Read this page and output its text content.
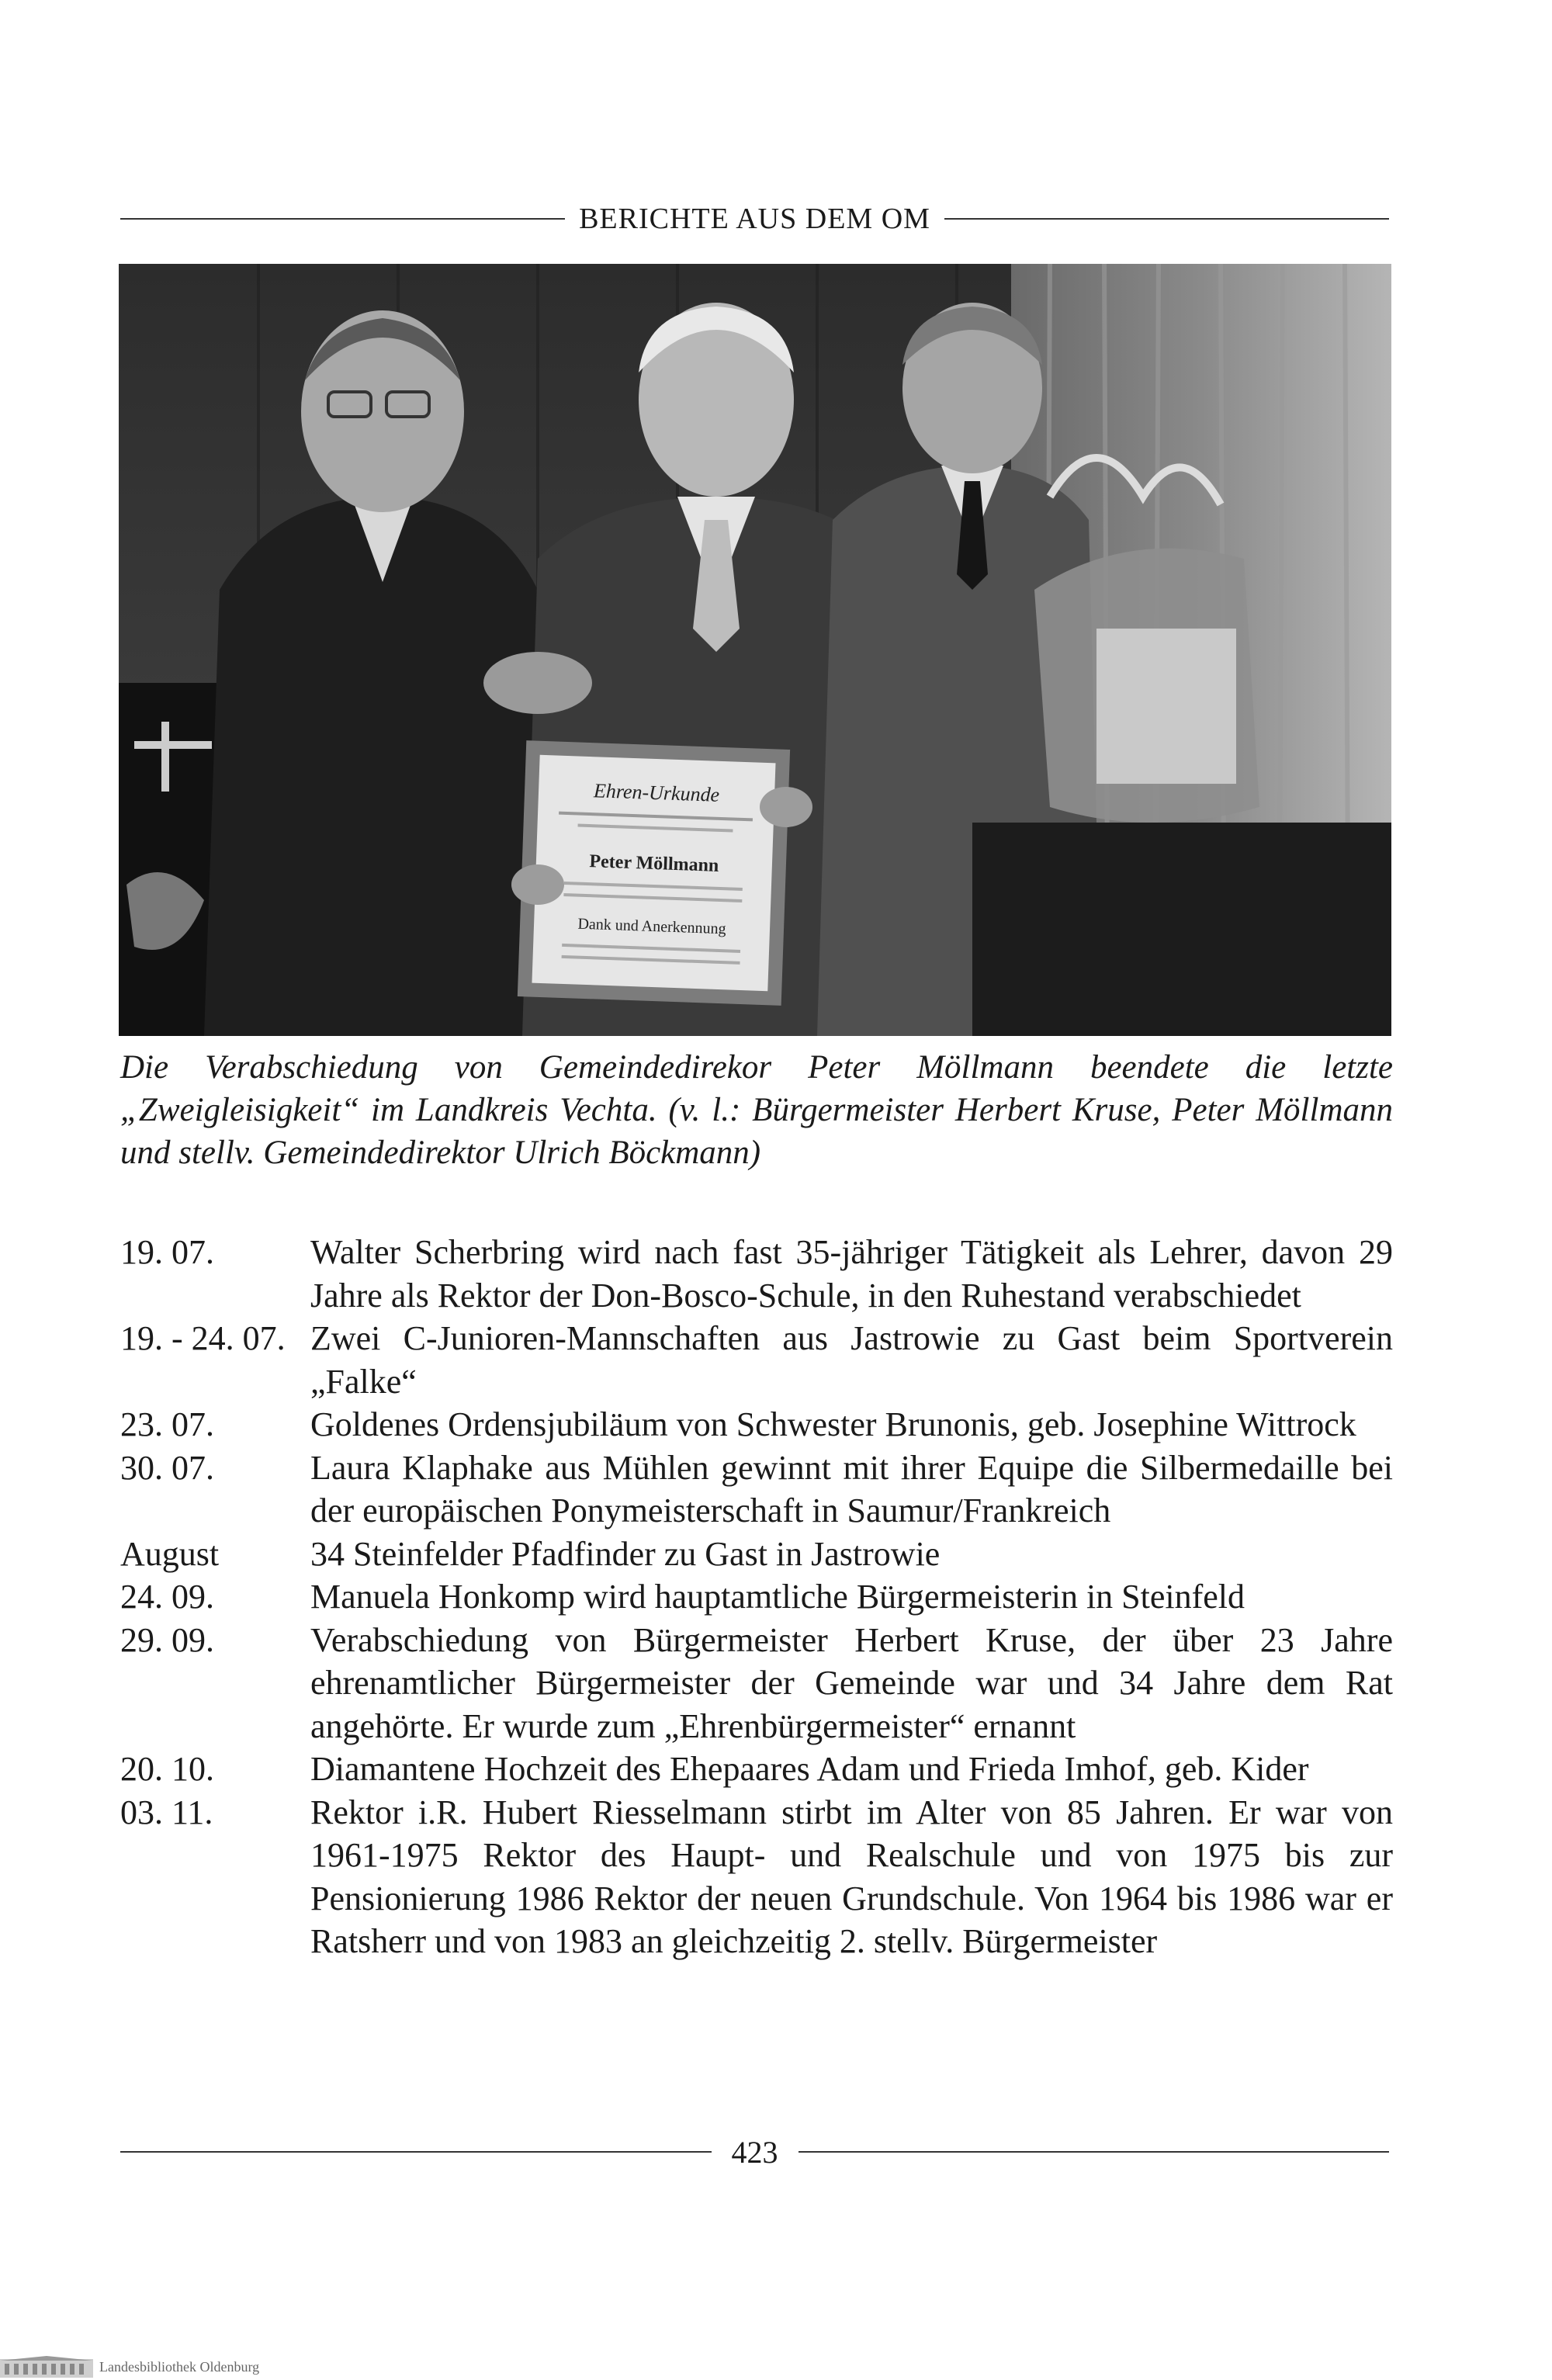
BERICHTE AUS DEM OM
Ehren-Urkunde
Peter Möllmann
Dank und Anerkennung
Die Verabschiedung von Gemeindedirekor Peter Möllmann beendete die letzte „Zweigleisigkeit“ im Landkreis Vechta. (v. l.: Bürgermeister Herbert Kruse, Peter Möllmann und stellv. Gemeindedirektor Ulrich Böckmann)
19. 07.	Walter Scherbring wird nach fast 35-jähriger Tätigkeit als Lehrer, davon 29 Jahre als Rektor der Don-Bosco-Schule, in den Ruhestand verabschiedet
19. - 24. 07. Zwei C-Junioren-Mannschaften aus Jastrowie zu Gast beim Sportverein „Falke“
23. 07.	Goldenes Ordensjubiläum von Schwester Brunonis, geb. Josephine Wittrock
30. 07.	Laura Klaphake aus Mühlen gewinnt mit ihrer Equipe die Silbermedaille bei der europäischen Ponymeisterschaft in Saumur/Frankreich
August	34 Steinfelder Pfadfinder zu Gast in Jastrowie
24. 09.	Manuela Honkomp wird hauptamtliche Bürgermeisterin in Steinfeld
29. 09.	Verabschiedung von Bürgermeister Herbert Kruse, der über 23 Jahre ehrenamtlicher Bürgermeister der Gemeinde war und 34 Jahre dem Rat angehörte. Er wurde zum „Ehrenbürgermeister“ ernannt
20. 10.	Diamantene Hochzeit des Ehepaares Adam und Frieda Imhof, geb. Kider
03. 11.	Rektor i.R. Hubert Riesselmann stirbt im Alter von 85 Jahren. Er war von 1961-1975 Rektor des Haupt- und Realschule und von 1975 bis zur Pensionierung 1986 Rektor der neuen Grundschule. Von 1964 bis 1986 war er Ratsherr und von 1983 an gleichzeitig 2. stellv. Bürgermeister
423
Landesbibliothek Oldenburg
